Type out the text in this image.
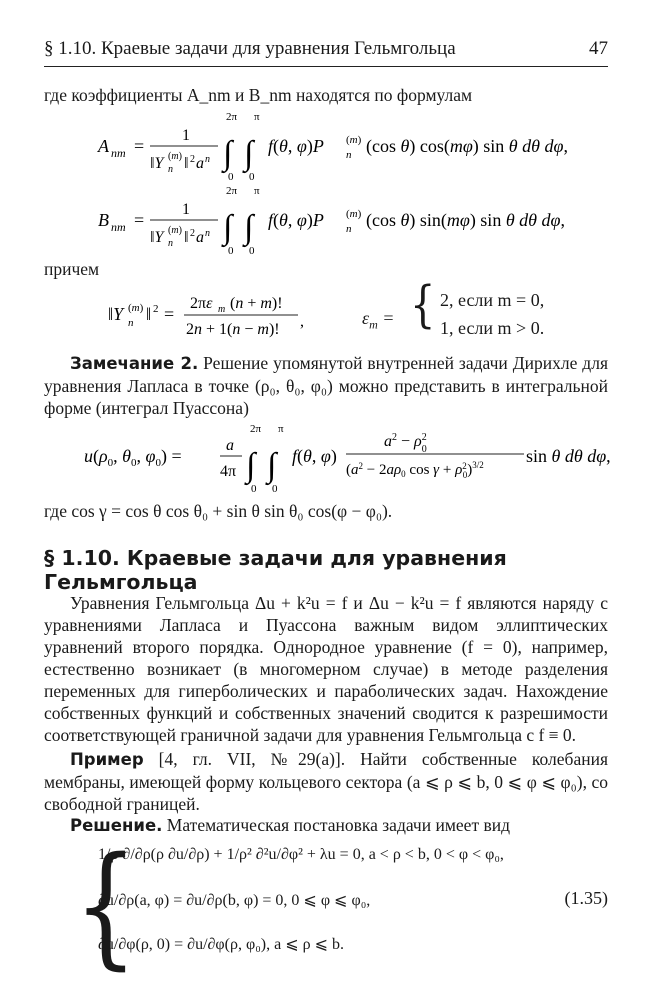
§ 1.10. Краевые задачи для уравнения Гельмгольца	47
где коэффициенты A_nm и B_nm находятся по формулам
A nm =
1
‖Y n
(m) ‖ 2 a n
2π
∫
0
π
∫
0
f(θ, φ)P n
(m) (cos θ) cos(mφ) sin θ dθ dφ,
B nm =
1
‖Y n
(m) ‖ 2 a n
2π
∫
0
π
∫
0
f(θ, φ)P n
(m) (cos θ) sin(mφ) sin θ dθ dφ,
причем
‖Y n
(m) ‖ 2 =
2πε m (n + m)!
2n + 1(n − m)! ,	$\varepsilon_m$ = { 2, если m = 0,
1, если m > 0.
Замечание 2. Решение упомянутой внутренней задачи Дирихле для уравнения Лапласа в точке (ρ₀, θ₀, φ₀) можно представить в интегральной форме (интеграл Пуассона)
$u(\rho_0$, $\theta_0$, $\varphi_0$) =
a
4π
2π
∫
0
π
∫
0
f(θ, φ)
$a^2 - \rho^2$ 0
($a^2 - 2a\rho_0$ $\cos \gamma + \rho^2$ 0)$^{3/2}$ sin θ dθ dφ,
где cos γ = cos θ cos θ₀ + sin θ sin θ₀ cos(φ − φ₀).
§ 1.10. Краевые задачи для уравнения Гельмгольца
Уравнения Гельмгольца Δu + k²u = f и Δu − k²u = f являются наряду с уравнениями Лапласа и Пуассона важным видом эллиптических уравнений второго порядка. Однородное уравнение (f = 0), например, естественно возникает (в многомерном случае) в методе разделения переменных для гиперболических и параболических задач. Нахождение собственных функций и собственных значений сводится к разрешимости соответствующей граничной задачи для уравнения Гельмгольца с f ≡ 0.
Пример [4, гл. VII, №29(а)]. Найти собственные колебания мембраны, имеющей форму кольцевого сектора (a ⩽ ρ ⩽ b, 0 ⩽ φ ⩽ φ₀), со свободной границей.
Решение. Математическая постановка задачи имеет вид
{
1/ρ ∂/∂ρ(ρ ∂u/∂ρ) + 1/ρ² ∂²u/∂φ² + λu = 0, a < ρ < b, 0 < φ < φ₀,
∂u/∂ρ(a, φ) = ∂u/∂ρ(b, φ) = 0, 0 ⩽ φ ⩽ φ₀,
∂u/∂φ(ρ, 0) = ∂u/∂φ(ρ, φ₀), a ⩽ ρ ⩽ b.
(1.35)
